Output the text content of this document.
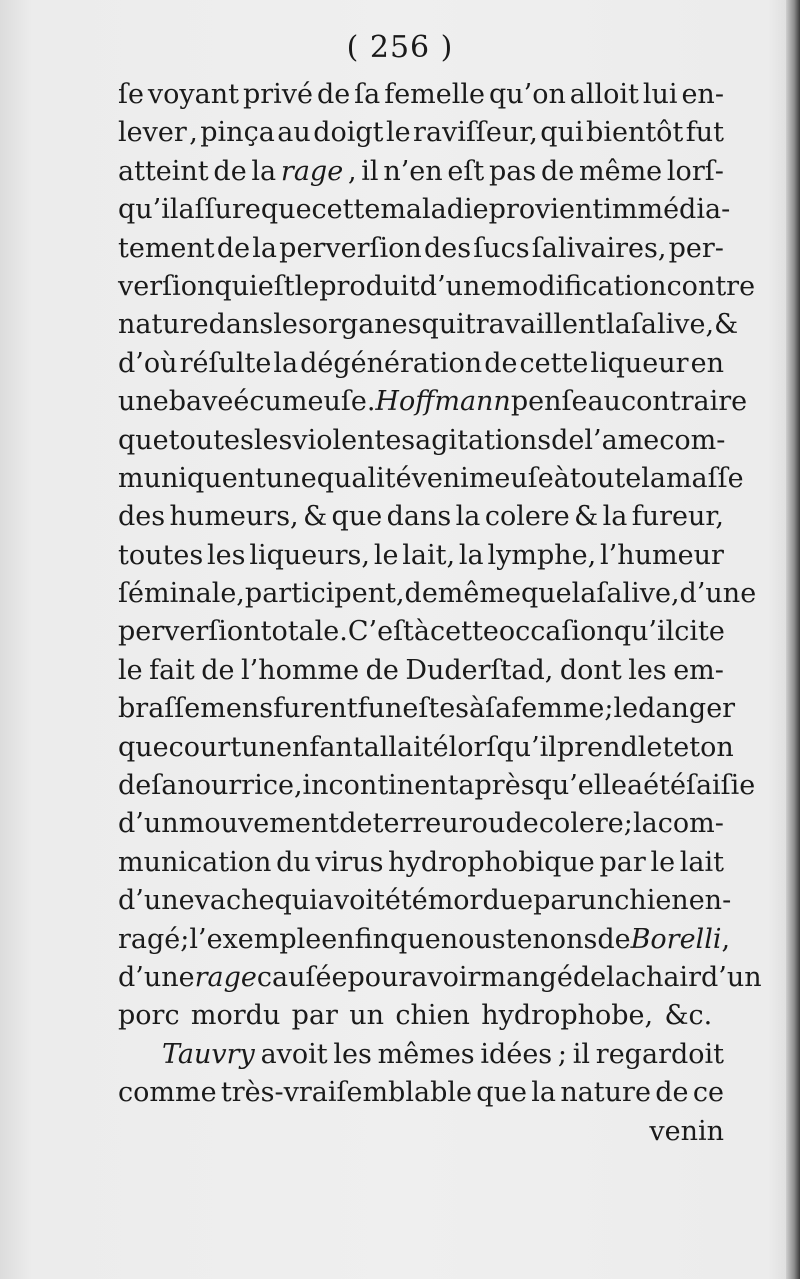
( 256 )
ſe voyant privé de ſa femelle qu’on alloit lui en-
lever , pinça au doigt le raviſſeur, qui bientôt fut
atteint de la rage , il n’en eſt pas de même lorſ-
qu’il aſſure que cette maladie provient immédia-
tement de la perverſion des ſucs ſalivaires, per-
verſion qui eſt le produit d’une modification contre
nature dans les organes qui travaillent la ſalive, &
d’où réſulte la dégénération de cette liqueur en
une bave écumeuſe. Hoffmann penſe au contraire
que toutes les violentes agitations de l’ame com-
muniquent une qualité venimeuſe à toute la maſſe
des humeurs, & que dans la colere & la fureur,
toutes les liqueurs, le lait, la lymphe, l’humeur
ſéminale, participent, de même que la ſalive, d’une
perverſion totale. C’eſt à cette occaſion qu’il cite
le fait de l’homme de Duderſtad, dont les em-
braſſemens furent funeſtes à ſa femme; le danger
que court un enfant allaité lorſqu’il prend le teton
de ſa nourrice, incontinent après qu’elle a été ſaiſie
d’un mouvement de terreur ou de colere; la com-
munication du virus hydrophobique par le lait
d’une vache qui avoit été mordue par un chien en-
ragé; l’exemple enfin que nous tenons de Borelli ,
d’une rage cauſée pour avoir mangé de la chair d’un
porc mordu par un chien hydrophobe, &c.
Tauvry avoit les mêmes idées ; il regardoit
comme très-vraiſemblable que la nature de ce
venin
